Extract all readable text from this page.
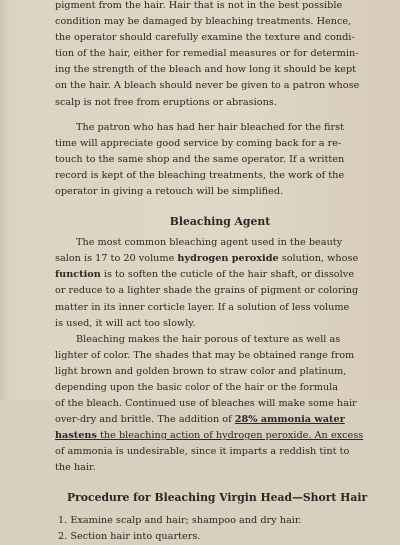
pigment from the hair. Hair that is not in the best possible
condition may be damaged by bleaching treatments. Hence,
the operator should carefully examine the texture and condi-
tion of the hair, either for remedial measures or for determin-
ing the strength of the bleach and how long it should be kept
on the hair. A bleach should never be given to a patron whose
scalp is not free from eruptions or abrasions.
The patron who has had her hair bleached for the first
time will appreciate good service by coming back for a re-
touch to the same shop and the same operator. If a written
record is kept of the bleaching treatments, the work of the
operator in giving a retouch will be simplified.
Bleaching Agent
The most common bleaching agent used in the beauty
salon is 17 to 20 volume hydrogen peroxide solution, whose
function is to soften the cuticle of the hair shaft, or dissolve
or reduce to a lighter shade the grains of pigment or coloring
matter in its inner corticle layer. If a solution of less volume
is used, it will act too slowly.
Bleaching makes the hair porous of texture as well as
lighter of color. The shades that may be obtained range from
light brown and golden brown to straw color and platinum,
depending upon the basic color of the hair or the formula
of the bleach. Continued use of bleaches will make some hair
over-dry and brittle. The addition of 28% ammonia water
hastens the bleaching action of hydrogen peroxide. An excess
of ammonia is undesirable, since it imparts a reddish tint to
the hair.
Procedure for Bleaching Virgin Head—Short Hair
1. Examine scalp and hair; shampoo and dry hair.
2. Section hair into quarters.
